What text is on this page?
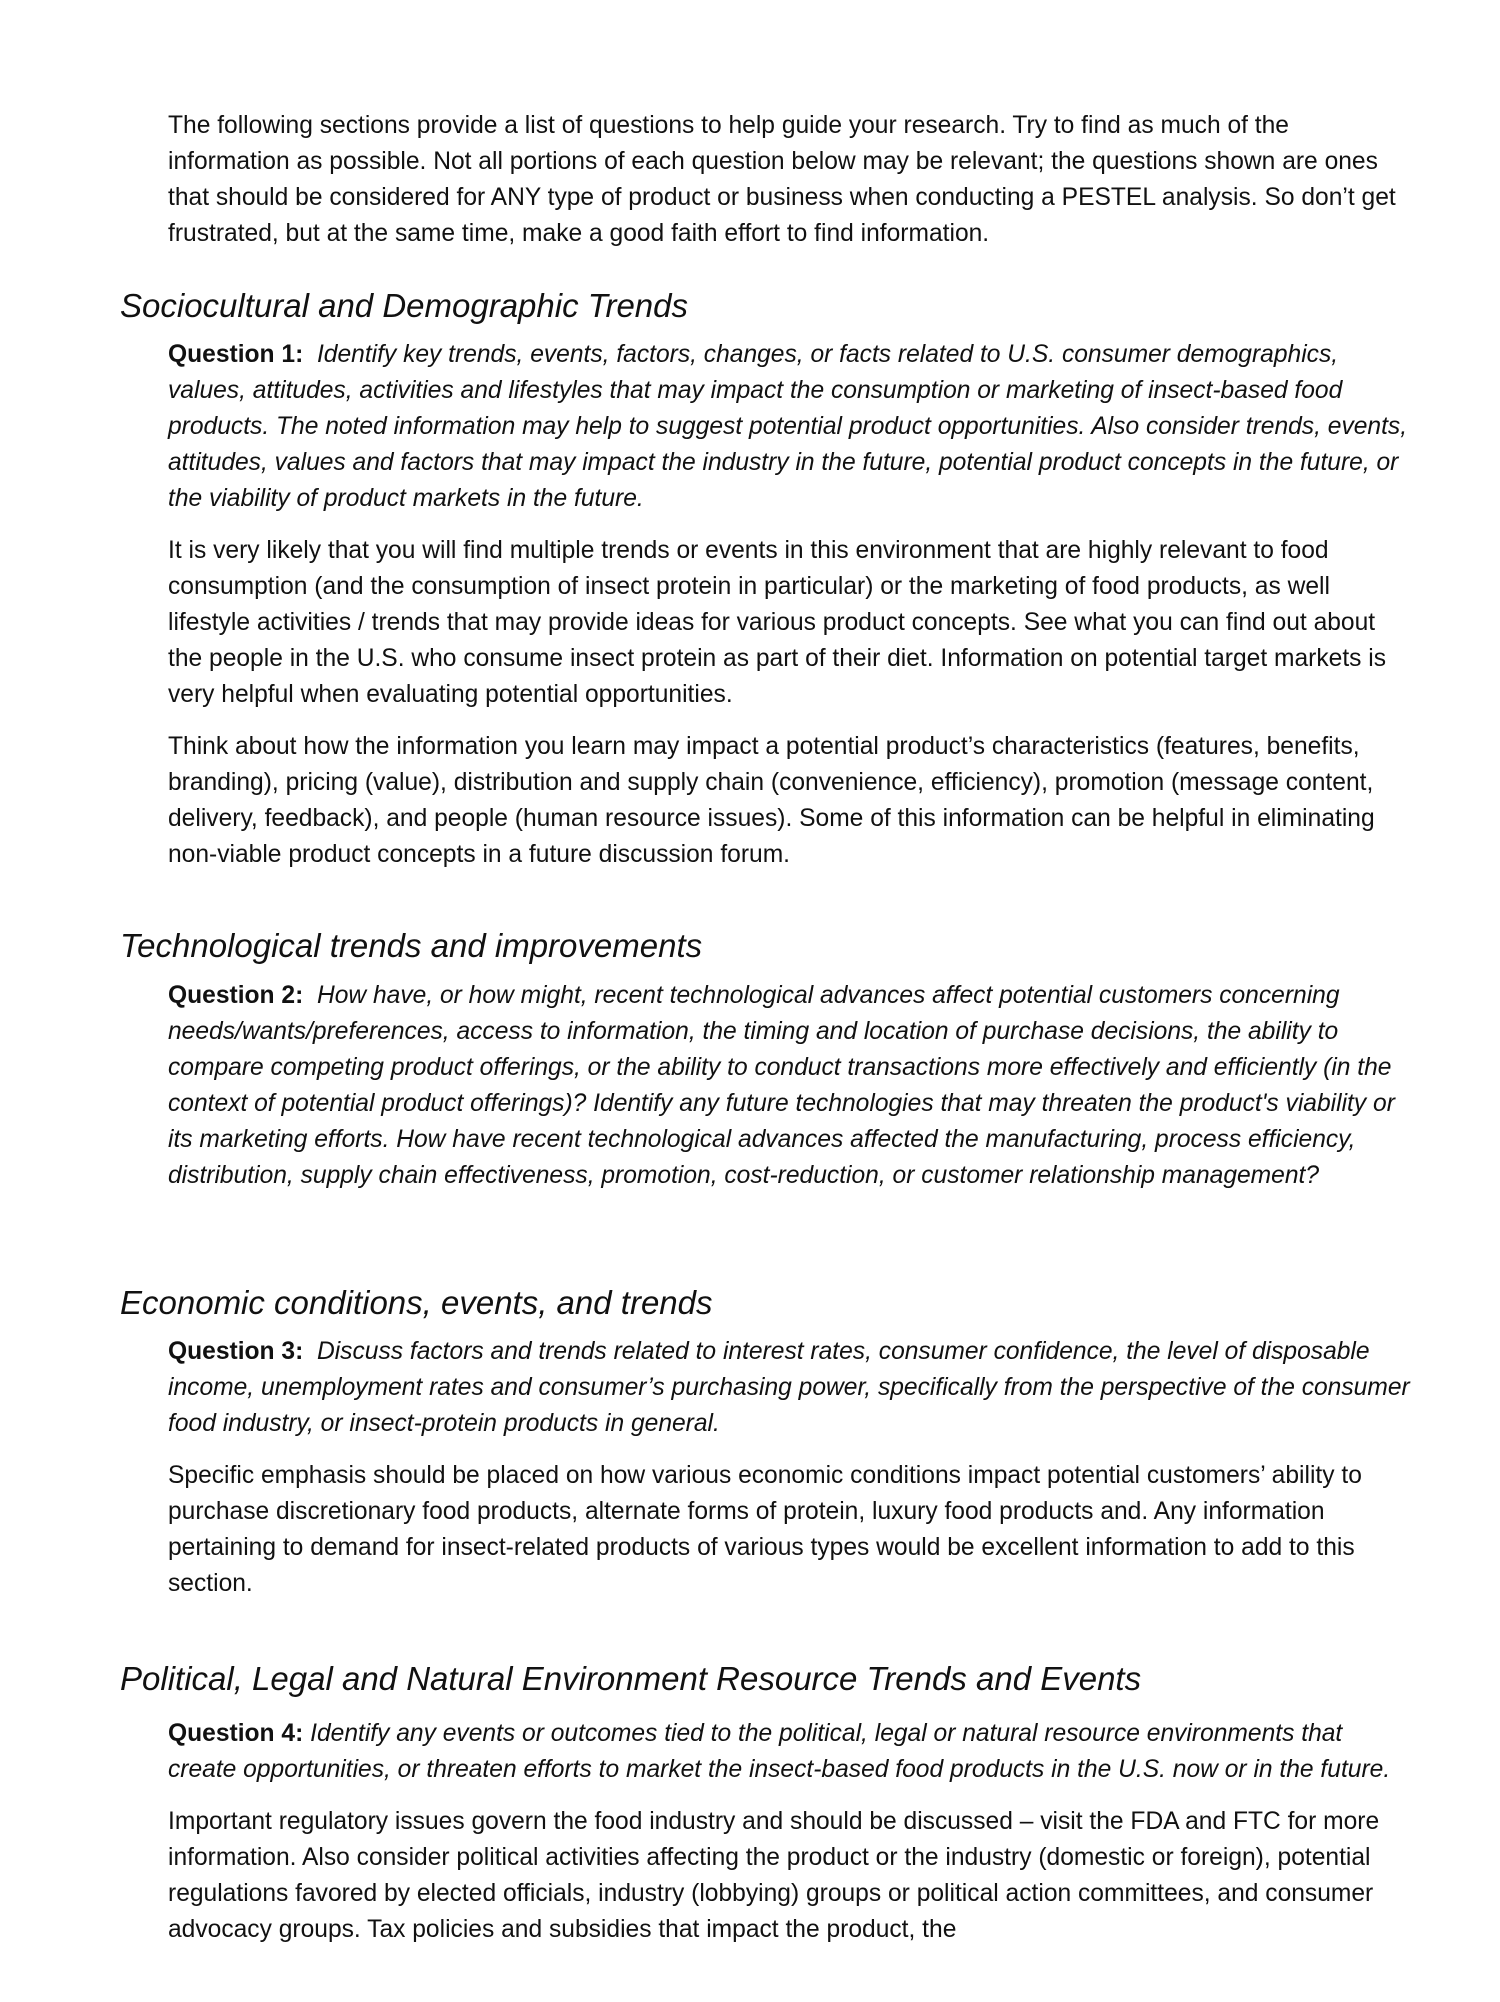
The following sections provide a list of questions to help guide your research. Try to find as much of the information as possible. Not all portions of each question below may be relevant; the questions shown are ones that should be considered for ANY type of product or business when conducting a PESTEL analysis. So don’t get frustrated, but at the same time, make a good faith effort to find information.

Sociocultural and Demographic Trends

Question 1: Identify key trends, events, factors, changes, or facts related to U.S. consumer demographics, values, attitudes, activities and lifestyles that may impact the consumption or marketing of insect-based food products. The noted information may help to suggest potential product opportunities. Also consider trends, events, attitudes, values and factors that may impact the industry in the future, potential product concepts in the future, or the viability of product markets in the future.

It is very likely that you will find multiple trends or events in this environment that are highly relevant to food consumption (and the consumption of insect protein in particular) or the marketing of food products, as well lifestyle activities / trends that may provide ideas for various product concepts. See what you can find out about the people in the U.S. who consume insect protein as part of their diet. Information on potential target markets is very helpful when evaluating potential opportunities.

Think about how the information you learn may impact a potential product’s characteristics (features, benefits, branding), pricing (value), distribution and supply chain (convenience, efficiency), promotion (message content, delivery, feedback), and people (human resource issues). Some of this information can be helpful in eliminating non-viable product concepts in a future discussion forum.

Technological trends and improvements

Question 2: How have, or how might, recent technological advances affect potential customers concerning needs/wants/preferences, access to information, the timing and location of purchase decisions, the ability to compare competing product offerings, or the ability to conduct transactions more effectively and efficiently (in the context of potential product offerings)? Identify any future technologies that may threaten the product's viability or its marketing efforts. How have recent technological advances affected the manufacturing, process efficiency, distribution, supply chain effectiveness, promotion, cost-reduction, or customer relationship management?

Economic conditions, events, and trends

Question 3: Discuss factors and trends related to interest rates, consumer confidence, the level of disposable income, unemployment rates and consumer’s purchasing power, specifically from the perspective of the consumer food industry, or insect-protein products in general.

Specific emphasis should be placed on how various economic conditions impact potential customers’ ability to purchase discretionary food products, alternate forms of protein, luxury food products and. Any information pertaining to demand for insect-related products of various types would be excellent information to add to this section.

Political, Legal and Natural Environment Resource Trends and Events

Question 4: Identify any events or outcomes tied to the political, legal or natural resource environments that create opportunities, or threaten efforts to market the insect-based food products in the U.S. now or in the future.

Important regulatory issues govern the food industry and should be discussed – visit the FDA and FTC for more information. Also consider political activities affecting the product or the industry (domestic or foreign), potential regulations favored by elected officials, industry (lobbying) groups or political action committees, and consumer advocacy groups. Tax policies and subsidies that impact the product, the
